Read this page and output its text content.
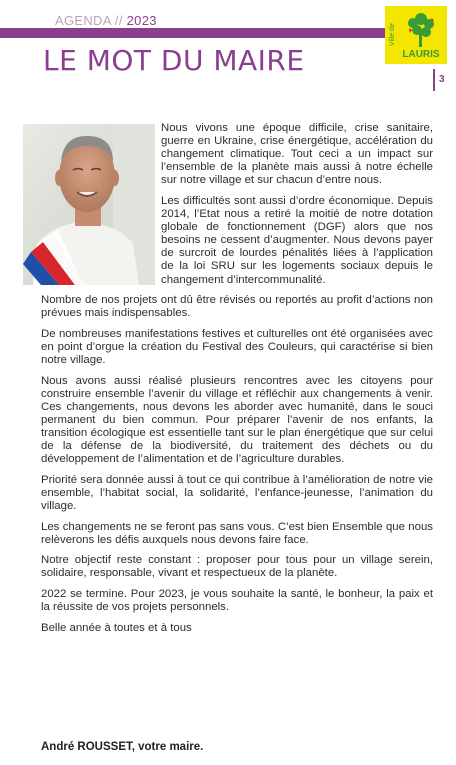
AGENDA // 2023
LE MOT DU MAIRE
Ville de
LAURIS
3

Nous vivons une époque difficile, crise sanitaire, guerre en Ukraine, crise énergétique, accélération du changement climatique. Tout ceci a un impact sur l’ensemble de la planète mais aussi à notre échelle sur notre village et sur chacun d’entre nous.

Les difficultés sont aussi d’ordre économique. Depuis 2014, l’Etat nous a retiré la moitié de notre dotation globale de fonctionnement (DGF) alors que nos besoins ne cessent d’augmenter. Nous devons payer de surcroit de lourdes pénalités liées à l’application de la loi SRU sur les logements sociaux depuis le changement d’intercommunalité.

Nombre de nos projets ont dû être révisés ou reportés au profit d’actions non prévues mais indispensables.

De nombreuses manifestations festives et culturelles ont été organisées avec en point d’orgue la création du Festival des Couleurs, qui caractérise si bien notre village.

Nous avons aussi réalisé plusieurs rencontres avec les citoyens pour construire ensemble l’avenir du village et réfléchir aux changements à venir. Ces changements, nous devons les aborder avec humanité, dans le souci permanent du bien commun. Pour préparer l’avenir de nos enfants, la transition écologique est essentielle tant sur le plan énergétique que sur celui de la défense de la biodiversité, du traitement des déchets ou du développement de l’alimentation et de l’agriculture durables.

Priorité sera donnée aussi à tout ce qui contribue à l’amélioration de notre vie ensemble, l’habitat social, la solidarité, l’enfance-jeunesse, l’animation du village.

Les changements ne se feront pas sans vous. C’est bien Ensemble que nous relèverons les défis auxquels nous devons faire face.

Notre objectif reste constant : proposer pour tous pour un village serein, solidaire, responsable, vivant et respectueux de la planète.

2022 se termine. Pour 2023, je vous souhaite la santé, le bonheur, la paix et la réussite de vos projets personnels.

Belle année à toutes et à tous

André ROUSSET, votre maire.
